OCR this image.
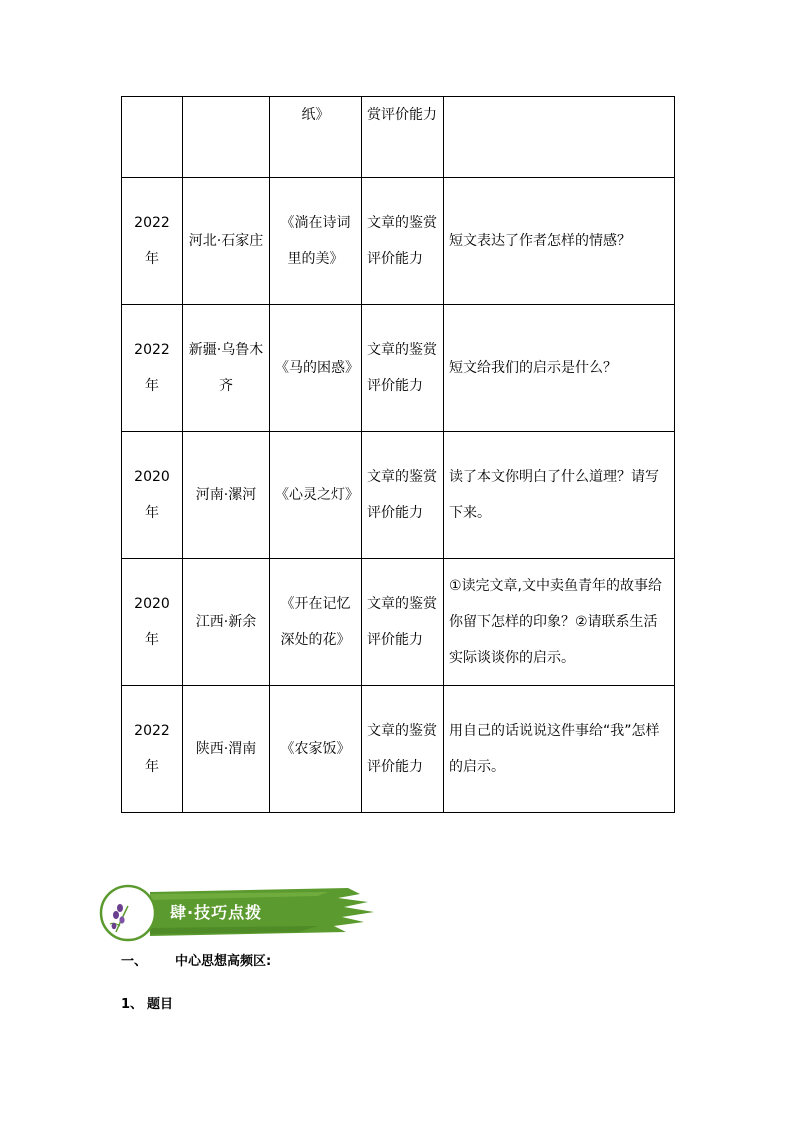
		纸》	赏评价能力	
2022 年	河北·石家庄	《淌在诗词里的美》	文章的鉴赏评价能力	短文表达了作者怎样的情感？
2022 年	新疆·乌鲁木齐	《马的困惑》	文章的鉴赏评价能力	短文给我们的启示是什么？
2020 年	河南·漯河	《心灵之灯》	文章的鉴赏评价能力	读了本文你明白了什么道理？请写下来。
2020 年	江西·新余	《开在记忆深处的花》	文章的鉴赏评价能力	①读完文章,文中卖鱼青年的故事给你留下怎样的印象？②请联系生活实际谈谈你的启示。
2022 年	陕西·渭南	《农家饭》	文章的鉴赏评价能力	用自己的话说说这件事给“我”怎样的启示。
肆·技巧点拨
一、 中心思想高频区:
1、 题目
